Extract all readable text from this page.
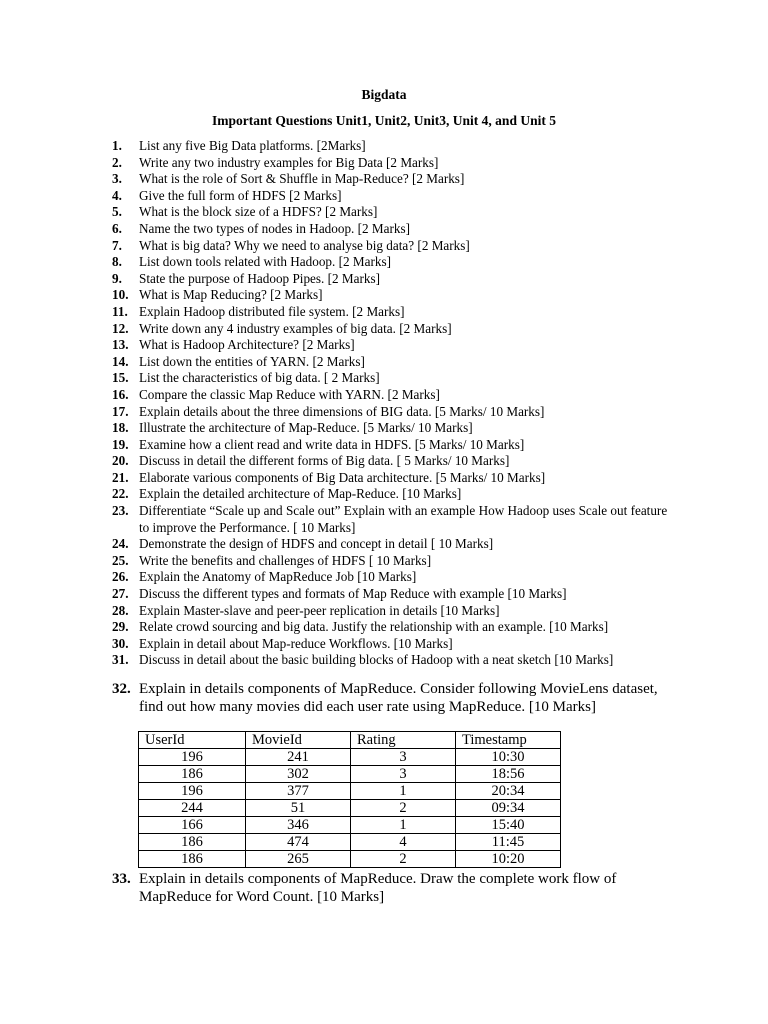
Bigdata
Important Questions Unit1, Unit2, Unit3, Unit 4, and Unit 5
1.	List any five Big Data platforms. [2Marks]
2.	Write any two industry examples for Big Data [2 Marks]
3.	What is the role of Sort & Shuffle in Map-Reduce? [2 Marks]
4.	Give the full form of HDFS [2 Marks]
5.	What is the block size of a HDFS? [2 Marks]
6.	Name the two types of nodes in Hadoop. [2 Marks]
7.	What is big data? Why we need to analyse big data? [2 Marks]
8.	List down tools related with Hadoop. [2 Marks]
9.	State the purpose of Hadoop Pipes. [2 Marks]
10. What is Map Reducing? [2 Marks]
11. Explain Hadoop distributed file system. [2 Marks]
12. Write down any 4 industry examples of big data. [2 Marks]
13. What is Hadoop Architecture? [2 Marks]
14. List down the entities of YARN. [2 Marks]
15. List the characteristics of big data. [ 2 Marks]
16. Compare the classic Map Reduce with YARN. [2 Marks]
17. Explain details about the three dimensions of BIG data. [5 Marks/ 10 Marks]
18. Illustrate the architecture of Map-Reduce. [5 Marks/ 10 Marks]
19. Examine how a client read and write data in HDFS. [5 Marks/ 10 Marks]
20. Discuss in detail the different forms of Big data. [ 5 Marks/ 10 Marks]
21. Elaborate various components of Big Data architecture. [5 Marks/ 10 Marks]
22. Explain the detailed architecture of Map-Reduce. [10 Marks]
23. Differentiate “Scale up and Scale out” Explain with an example How Hadoop uses Scale out feature to improve the Performance. [ 10 Marks]
24. Demonstrate the design of HDFS and concept in detail [ 10 Marks]
25. Write the benefits and challenges of HDFS [ 10 Marks]
26. Explain the Anatomy of MapReduce Job [10 Marks]
27. Discuss the different types and formats of Map Reduce with example [10 Marks]
28. Explain Master-slave and peer-peer replication in details [10 Marks]
29. Relate crowd sourcing and big data. Justify the relationship with an example. [10 Marks]
30. Explain in detail about Map-reduce Workflows. [10 Marks]
31. Discuss in detail about the basic building blocks of Hadoop with a neat sketch [10 Marks]
32. Explain in details components of MapReduce. Consider following MovieLens dataset, find out how many movies did each user rate using MapReduce. [10 Marks]
UserId	MovieId	Rating	Timestamp
196	241	3	10:30
186	302	3	18:56
196	377	1	20:34
244	51	2	09:34
166	346	1	15:40
186	474	4	11:45
186	265	2	10:20
33. Explain in details components of MapReduce. Draw the complete work flow of MapReduce for Word Count. [10 Marks]
